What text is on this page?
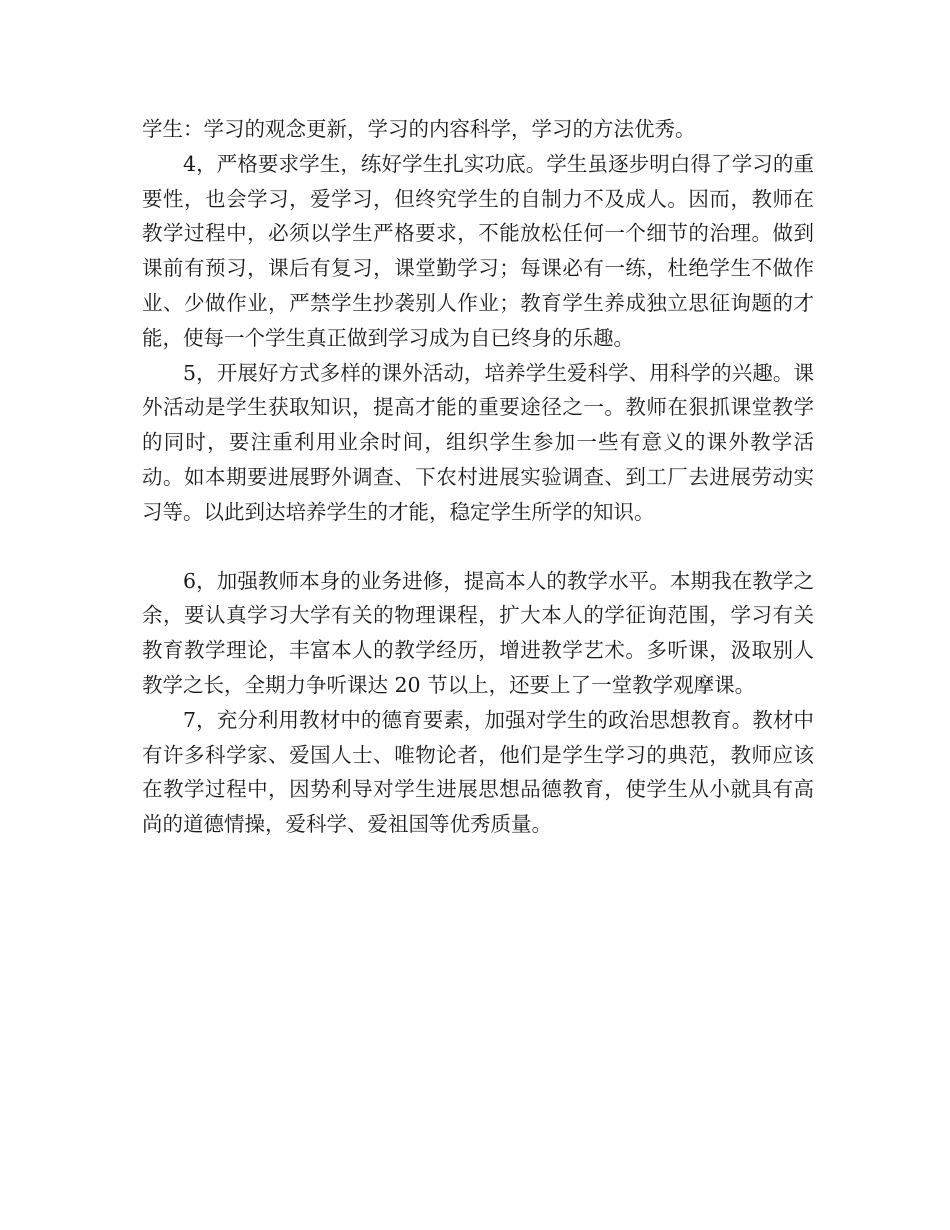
学生：学习的观念更新，学习的内容科学，学习的方法优秀。

4，严格要求学生，练好学生扎实功底。学生虽逐步明白得了学习的重要性，也会学习，爱学习，但终究学生的自制力不及成人。因而，教师在教学过程中，必须以学生严格要求，不能放松任何一个细节的治理。做到课前有预习，课后有复习，课堂勤学习；每课必有一练，杜绝学生不做作业、少做作业，严禁学生抄袭别人作业；教育学生养成独立思征询题的才能，使每一个学生真正做到学习成为自已终身的乐趣。

5，开展好方式多样的课外活动，培养学生爱科学、用科学的兴趣。课外活动是学生获取知识，提高才能的重要途径之一。教师在狠抓课堂教学的同时，要注重利用业余时间，组织学生参加一些有意义的课外教学活动。如本期要进展野外调查、下农村进展实验调查、到工厂去进展劳动实习等。以此到达培养学生的才能，稳定学生所学的知识。

6，加强教师本身的业务进修，提高本人的教学水平。本期我在教学之余，要认真学习大学有关的物理课程，扩大本人的学征询范围，学习有关教育教学理论，丰富本人的教学经历，增进教学艺术。多听课，汲取别人教学之长，全期力争听课达 20 节以上，还要上了一堂教学观摩课。

7，充分利用教材中的德育要素，加强对学生的政治思想教育。教材中有许多科学家、爱国人士、唯物论者，他们是学生学习的典范，教师应该在教学过程中，因势利导对学生进展思想品德教育，使学生从小就具有高尚的道德情操，爱科学、爱祖国等优秀质量。
